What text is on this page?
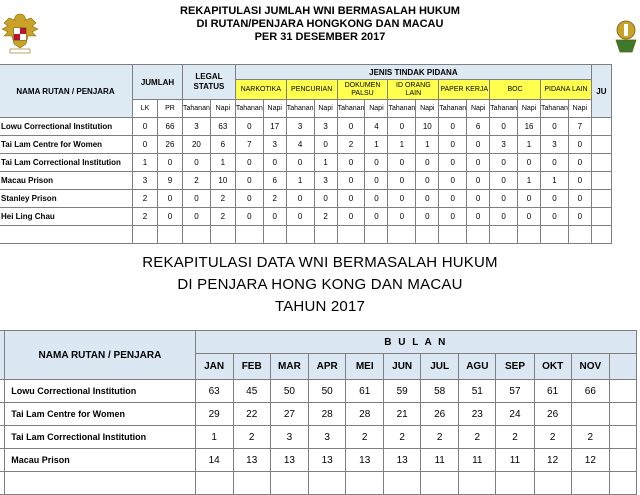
REKAPITULASI JUMLAH WNI BERMASALAH HUKUM
DI RUTAN/PENJARA HONGKONG DAN MACAU
PER 31 DESEMBER 2017
NAMA RUTAN / PENJARA	JUMLAH		LEGAL STATUS		JENIS TINDAK PIDANA														JU
					NARKOTIKA		PENCURIAN		DOKUMEN PALSU		ID ORANG LAIN		PAPER KERJA		BOC		PIDANA LAIN		
	LK	PR	Tahanan	Napi	Tahanan	Napi	Tahanan	Napi	Tahanan	Napi	Tahanan	Napi	Tahanan	Napi	Tahanan	Napi	Tahanan	Napi	
Lowu Correctional Institution	0	66	3	63	0	17	3	3	0	4	0	10	0	6	0	16	0	7	
Tai Lam Centre for Women	0	26	20	6	7	3	4	0	2	1	1	1	0	0	3	1	3	0	
Tai Lam Correctional Institution	1	0	0	1	0	0	0	1	0	0	0	0	0	0	0	0	0	0	
Macau Prison	3	9	2	10	0	6	1	3	0	0	0	0	0	0	0	1	1	0	
Stanley Prison	2	0	0	2	0	2	0	0	0	0	0	0	0	0	0	0	0	0	
Hei Ling Chau	2	0	0	2	0	0	0	2	0	0	0	0	0	0	0	0	0	0	

REKAPITULASI DATA WNI BERMASALAH HUKUM
DI PENJARA HONG KONG DAN MACAU
TAHUN 2017
	NAMA RUTAN / PENJARA	B U L A N											
		JAN	FEB	MAR	APR	MEI	JUN	JUL	AGU	SEP	OKT	NOV	
	Lowu Correctional Institution	63	45	50	50	61	59	58	51	57	61	66	
	Tai Lam Centre for Women	29	22	27	28	28	21	26	23	24	26		
	Tai Lam Correctional Institution	1	2	3	3	2	2	2	2	2	2	2	
	Macau Prison	14	13	13	13	13	13	11	11	11	12	12	
